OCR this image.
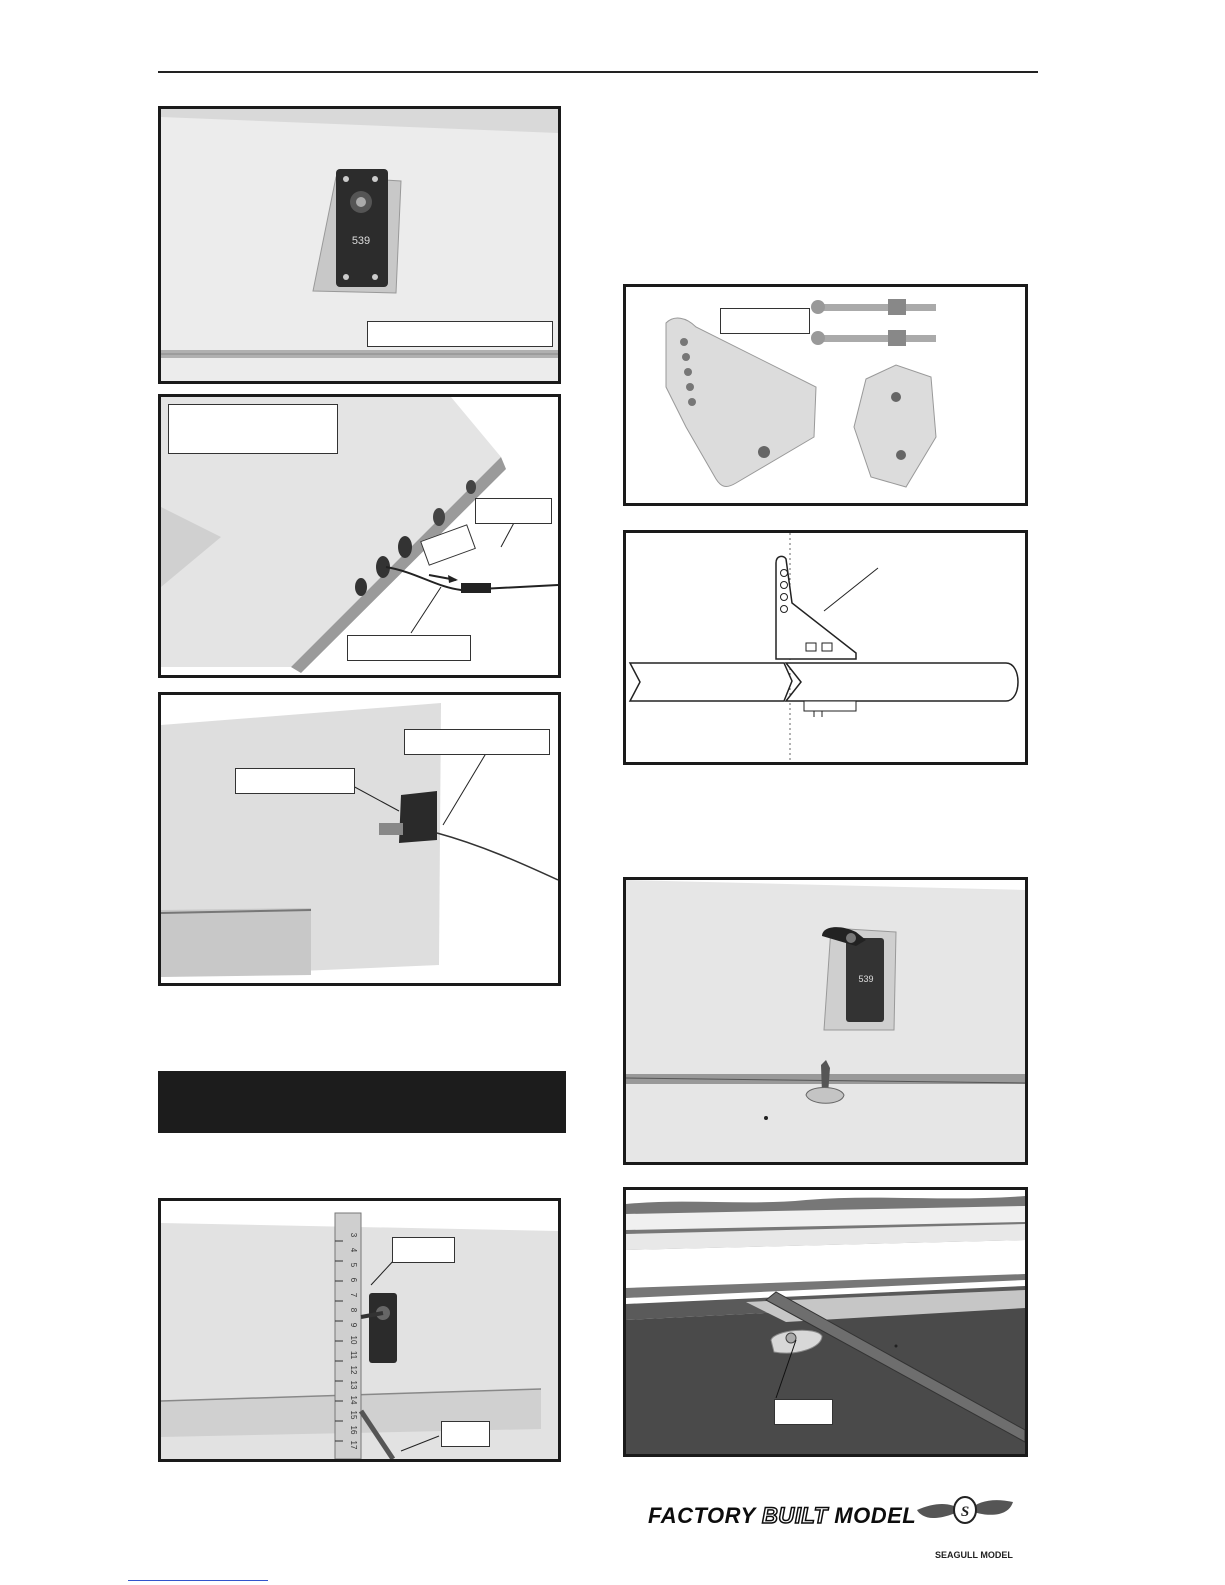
539
3
4
5
6
7
8
9
10
11
12
13
14
15
16
17
539
FACTORY BUILT MODEL	S
SEAGULL MODEL
